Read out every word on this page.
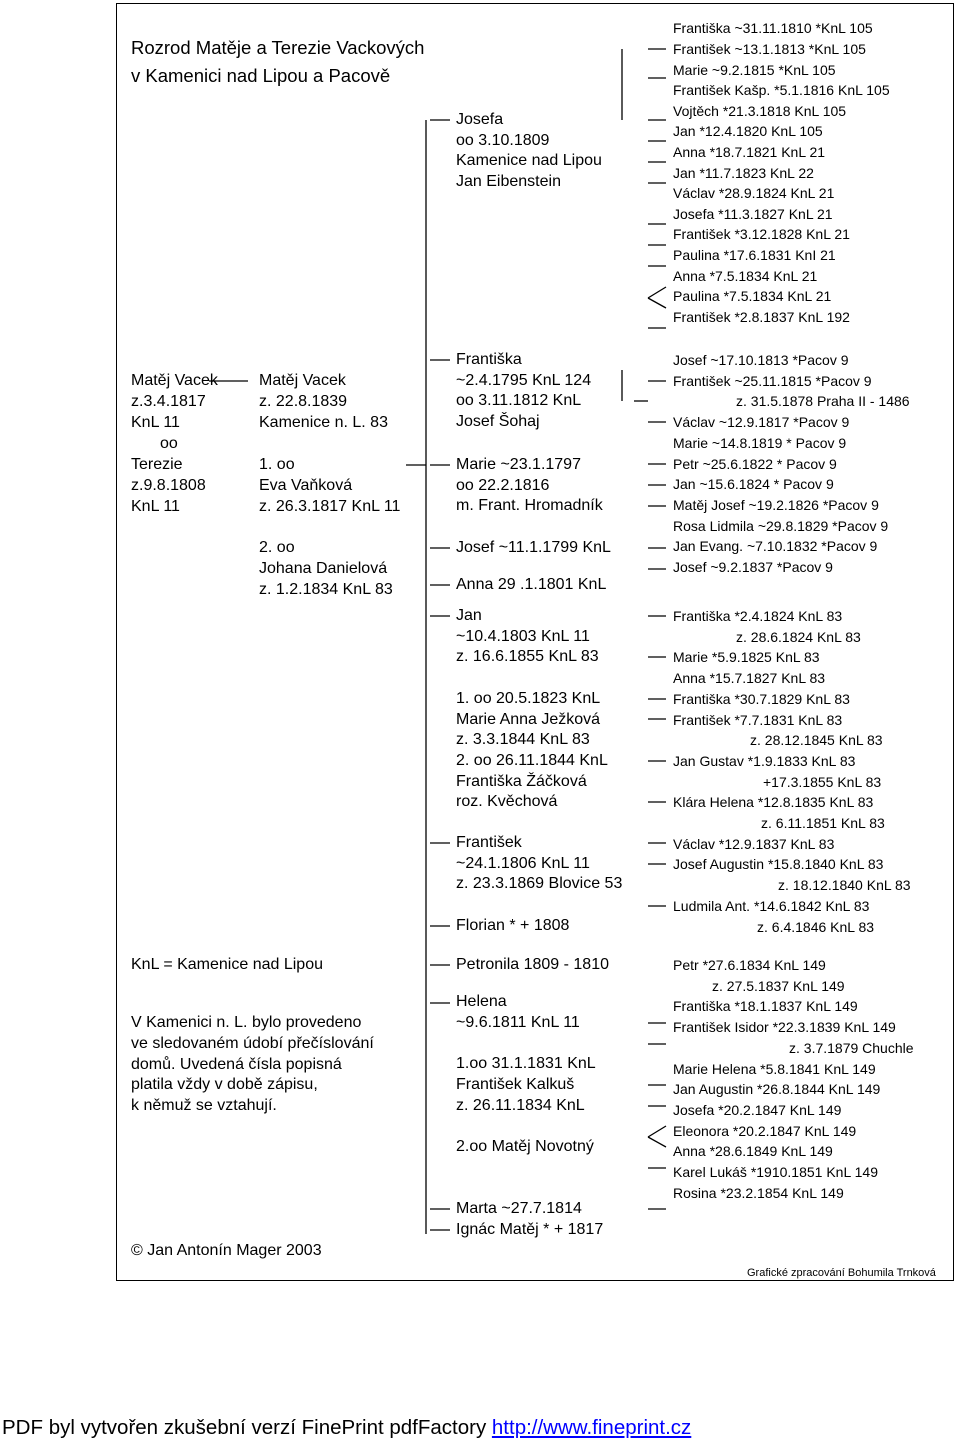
Rozrod Matěje a Terezie Vackových
v Kamenici nad Lipou a Pacově
Matěj Vacek
z.3.4.1817
KnL 11
oo
Terezie
z.9.8.1808
KnL 11
Matěj Vacek
z. 22.8.1839
Kamenice n. L. 83
1. oo
Eva Vaňková
z. 26.3.1817 KnL 11
2. oo
Johana Danielová
z. 1.2.1834 KnL 83
KnL = Kamenice nad Lipou
V Kamenici n. L. bylo provedeno
ve sledovaném údobí přečíslování
domů. Uvedená čísla popisná
platila vždy v době zápisu,
k němuž se vztahují.
© Jan Antonín Mager 2003
Grafické zpracování Bohumila Trnková
Josefa
oo 3.10.1809
Kamenice nad Lipou
Jan Eibenstein
Františka
~2.4.1795 KnL 124
oo 3.11.1812 KnL
Josef Šohaj
Marie ~23.1.1797
oo 22.2.1816
m. Frant. Hromadník
Josef ~11.1.1799 KnL
Anna 29 .1.1801 KnL
Jan
~10.4.1803 KnL 11
z. 16.6.1855 KnL 83
1. oo 20.5.1823 KnL
Marie Anna Ježková
z. 3.3.1844 KnL 83
2. oo 26.11.1844 KnL
Františka Žáčková
roz. Kvěchová
František
~24.1.1806 KnL 11
z. 23.3.1869 Blovice 53
Florian * + 1808
Petronila 1809 - 1810
Helena
~9.6.1811 KnL 11
1.oo 31.1.1831 KnL
František Kalkuš
z. 26.11.1834 KnL
2.oo Matěj Novotný
Marta ~27.7.1814
Ignác Matěj * + 1817
Františka ~31.11.1810 *KnL 105
František ~13.1.1813 *KnL 105
Marie ~9.2.1815 *KnL 105
František Kašp. *5.1.1816 KnL 105
Vojtěch *21.3.1818 KnL 105
Jan *12.4.1820 KnL 105
Anna *18.7.1821 KnL 21
Jan *11.7.1823 KnL 22
Václav *28.9.1824 KnL 21
Josefa *11.3.1827 KnL 21
František *3.12.1828 KnL 21
Paulina *17.6.1831 KnI 21
Anna *7.5.1834 KnL 21
Paulina *7.5.1834 KnL 21
František *2.8.1837 KnL 192
Josef ~17.10.1813 *Pacov 9
František ~25.11.1815 *Pacov 9
z. 31.5.1878 Praha II - 1486
Václav ~12.9.1817 *Pacov 9
Marie ~14.8.1819 * Pacov 9
Petr ~25.6.1822 * Pacov 9
Jan ~15.6.1824 * Pacov 9
Matěj Josef ~19.2.1826 *Pacov 9
Rosa Lidmila ~29.8.1829 *Pacov 9
Jan Evang. ~7.10.1832 *Pacov 9
Josef ~9.2.1837 *Pacov 9
Františka *2.4.1824 KnL 83
z. 28.6.1824 KnL 83
Marie *5.9.1825 KnL 83
Anna *15.7.1827 KnL 83
Františka *30.7.1829 KnL 83
František *7.7.1831 KnL 83
z. 28.12.1845 KnL 83
Jan Gustav *1.9.1833 KnL 83
+17.3.1855 KnL 83
Klára Helena *12.8.1835 KnL 83
z. 6.11.1851 KnL 83
Václav *12.9.1837 KnL 83
Josef Augustin *15.8.1840 KnL 83
z. 18.12.1840 KnL 83
Ludmila Ant. *14.6.1842 KnL 83
z. 6.4.1846 KnL 83
Petr *27.6.1834 KnL 149
z. 27.5.1837 KnL 149
Františka *18.1.1837 KnL 149
František Isidor *22.3.1839 KnL 149
z. 3.7.1879 Chuchle
Marie Helena *5.8.1841 KnL 149
Jan Augustin *26.8.1844 KnL 149
Josefa *20.2.1847 KnL 149
Eleonora *20.2.1847 KnL 149
Anna *28.6.1849 KnL 149
Karel Lukáš *1910.1851 KnL 149
Rosina *23.2.1854 KnL 149
PDF byl vytvořen zkušební verzí FinePrint pdfFactory http://www.fineprint.cz
